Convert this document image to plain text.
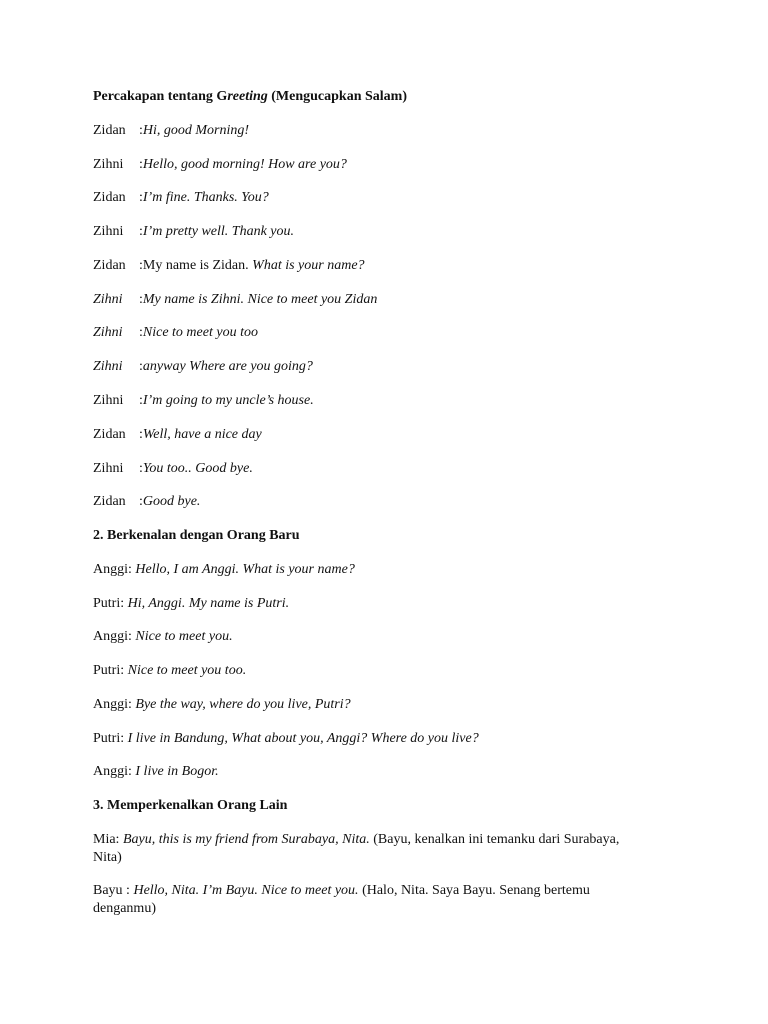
Percakapan tentang Greeting (Mengucapkan Salam)
Zidan :Hi, good Morning!
Zihni :Hello, good morning! How are you?
Zidan :I’m fine. Thanks. You?
Zihni :I’m pretty well. Thank you.
Zidan :My name is Zidan. What is your name?
Zihni :My name is Zihni. Nice to meet you Zidan
Zihni :Nice to meet you too
Zihni :anyway Where are you going?
Zihni :I’m going to my uncle’s house.
Zidan :Well, have a nice day
Zihni :You too.. Good bye.
Zidan :Good bye.
2. Berkenalan dengan Orang Baru
Anggi: Hello, I am Anggi. What is your name?
Putri: Hi, Anggi. My name is Putri.
Anggi: Nice to meet you.
Putri: Nice to meet you too.
Anggi: Bye the way, where do you live, Putri?
Putri: I live in Bandung, What about you, Anggi? Where do you live?
Anggi: I live in Bogor.
3. Memperkenalkan Orang Lain
Mia: Bayu, this is my friend from Surabaya, Nita. (Bayu, kenalkan ini temanku dari Surabaya, Nita)
Bayu : Hello, Nita. I’m Bayu. Nice to meet you. (Halo, Nita. Saya Bayu. Senang bertemu denganmu)
